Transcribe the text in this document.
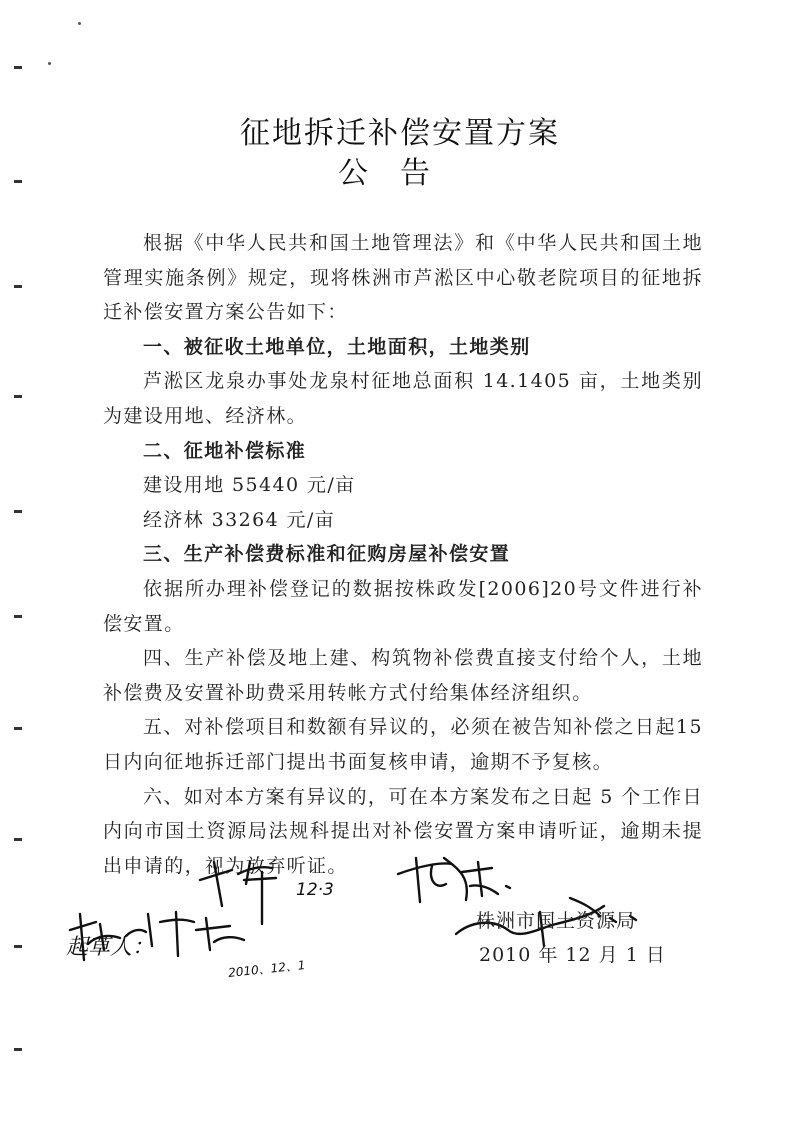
征地拆迁补偿安置方案
公告

根据《中华人民共和国土地管理法》和《中华人民共和国土地管理实施条例》规定，现将株洲市芦淞区中心敬老院项目的征地拆迁补偿安置方案公告如下：

一、被征收土地单位，土地面积，土地类别

芦淞区龙泉办事处龙泉村征地总面积 14.1405 亩，土地类别为建设用地、经济林。

二、征地补偿标准

建设用地 55440 元/亩

经济林 33264 元/亩

三、生产补偿费标准和征购房屋补偿安置

依据所办理补偿登记的数据按株政发[2006]20号文件进行补偿安置。

四、生产补偿及地上建、构筑物补偿费直接支付给个人，土地补偿费及安置补助费采用转帐方式付给集体经济组织。

五、对补偿项目和数额有异议的，必须在被告知补偿之日起15日内向征地拆迁部门提出书面复核申请，逾期不予复核。

六、如对本方案有异议的，可在本方案发布之日起 5 个工作日内向市国土资源局法规科提出对补偿安置方案申请听证，逾期未提出申请的，视为放弃听证。

12·3
起草人：
2010、12、1
株洲市国土资源局
2010 年 12 月 1 日
